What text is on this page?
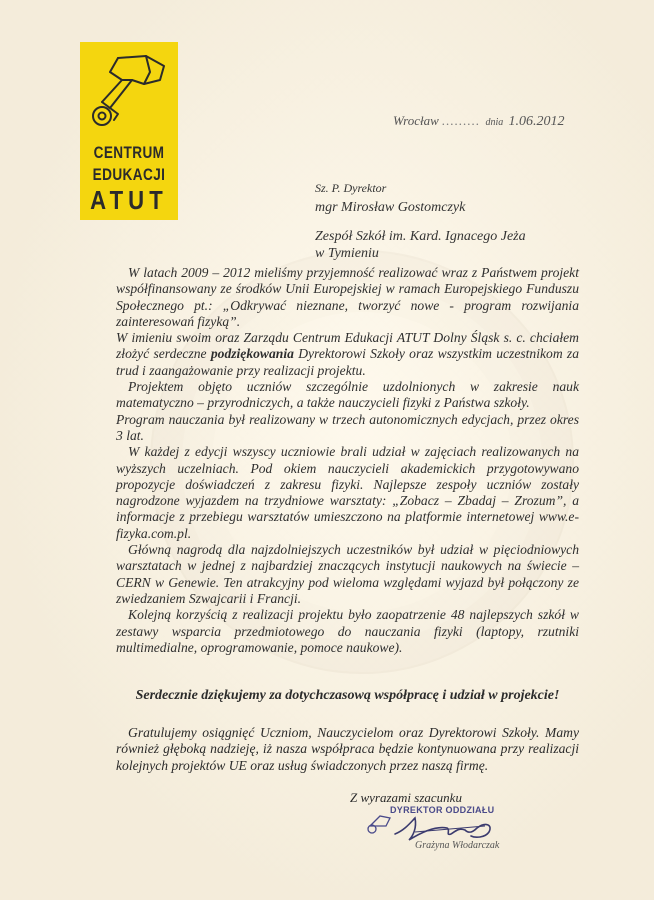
CENTRUM
EDUKACJI
ATUT
Wrocław ......... dnia 1.06.2012
Sz. P. Dyrektor
mgr Mirosław Gostomczyk
Zespół Szkół im. Kard. Ignacego Jeża
w Tymieniu

W latach 2009 – 2012 mieliśmy przyjemność realizować wraz z Państwem projekt współfinansowany ze środków Unii Europejskiej w ramach Europejskiego Funduszu Społecznego pt.: „Odkrywać nieznane, tworzyć nowe - program rozwijania zainteresowań fizyką”.

W imieniu swoim oraz Zarządu Centrum Edukacji ATUT Dolny Śląsk s. c. chciałem złożyć serdeczne podziękowania Dyrektorowi Szkoły oraz wszystkim uczestnikom za trud i zaangażowanie przy realizacji projektu.

Projektem objęto uczniów szczególnie uzdolnionych w zakresie nauk matematyczno – przyrodniczych, a także nauczycieli fizyki z Państwa szkoły.

Program nauczania był realizowany w trzech autonomicznych edycjach, przez okres 3 lat.

W każdej z edycji wszyscy uczniowie brali udział w zajęciach realizowanych na wyższych uczelniach. Pod okiem nauczycieli akademickich przygotowywano propozycje doświadczeń z zakresu fizyki. Najlepsze zespoły uczniów zostały nagrodzone wyjazdem na trzydniowe warsztaty: „Zobacz – Zbadaj – Zrozum”, a informacje z przebiegu warsztatów umieszczono na platformie internetowej www.e-fizyka.com.pl.

Główną nagrodą dla najzdolniejszych uczestników był udział w pięciodniowych warsztatach w jednej z najbardziej znaczących instytucji naukowych na świecie – CERN w Genewie. Ten atrakcyjny pod wieloma względami wyjazd był połączony ze zwiedzaniem Szwajcarii i Francji.

Kolejną korzyścią z realizacji projektu było zaopatrzenie 48 najlepszych szkół w zestawy wsparcia przedmiotowego do nauczania fizyki (laptopy, rzutniki multimedialne, oprogramowanie, pomoce naukowe).

Serdecznie dziękujemy za dotychczasową współpracę i udział w projekcie!

Gratulujemy osiągnięć Uczniom, Nauczycielom oraz Dyrektorowi Szkoły. Mamy również głęboką nadzieję, iż nasza współpraca będzie kontynuowana przy realizacji kolejnych projektów UE oraz usług świadczonych przez naszą firmę.

Z wyrazami szacunku
DYREKTOR ODDZIAŁU
Grażyna Włodarczak
